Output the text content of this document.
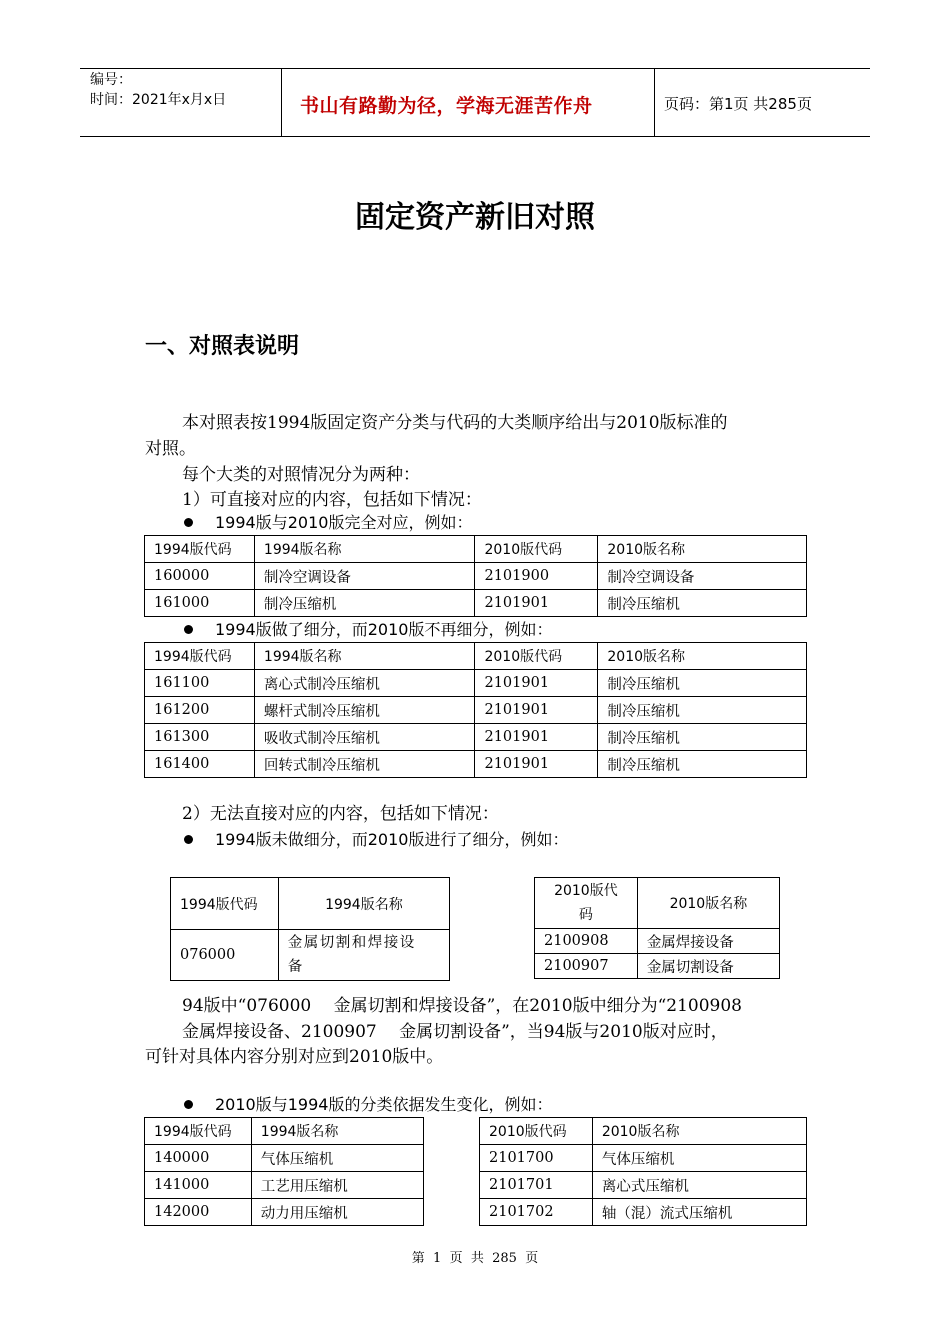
编号：
时间：2021年x月x日	书山有路勤为径，学海无涯苦作舟	页码：第1页 共285页
固定资产新旧对照
一、对照表说明
本对照表按1994版固定资产分类与代码的大类顺序给出与2010版标准的
对照。
每个大类的对照情况分为两种：
1）可直接对应的内容，包括如下情况：
1994版与2010版完全对应，例如：
1994版代码	1994版名称	2010版代码	2010版名称
160000	制冷空调设备	2101900	制冷空调设备
161000	制冷压缩机	2101901	制冷压缩机
1994版做了细分，而2010版不再细分，例如：
1994版代码	1994版名称	2010版代码	2010版名称
161100	离心式制冷压缩机	2101901	制冷压缩机
161200	螺杆式制冷压缩机	2101901	制冷压缩机
161300	吸收式制冷压缩机	2101901	制冷压缩机
161400	回转式制冷压缩机	2101901	制冷压缩机
2）无法直接对应的内容，包括如下情况：
1994版未做细分，而2010版进行了细分，例如：
1994版代码	1994版名称
076000	金属切割和焊接设
备
2010版代
码	2010版名称
2100908	金属焊接设备
2100907	金属切割设备
94版中“076000　 金属切割和焊接设备”，在2010版中细分为“2100908
金属焊接设备、2100907　 金属切割设备”，当94版与2010版对应时，
可针对具体内容分别对应到2010版中。
2010版与1994版的分类依据发生变化，例如：
1994版代码	1994版名称
140000	气体压缩机
141000	工艺用压缩机
142000	动力用压缩机
2010版代码	2010版名称
2101700	气体压缩机
2101701	离心式压缩机
2101702	轴（混）流式压缩机
第  1  页  共  285  页
